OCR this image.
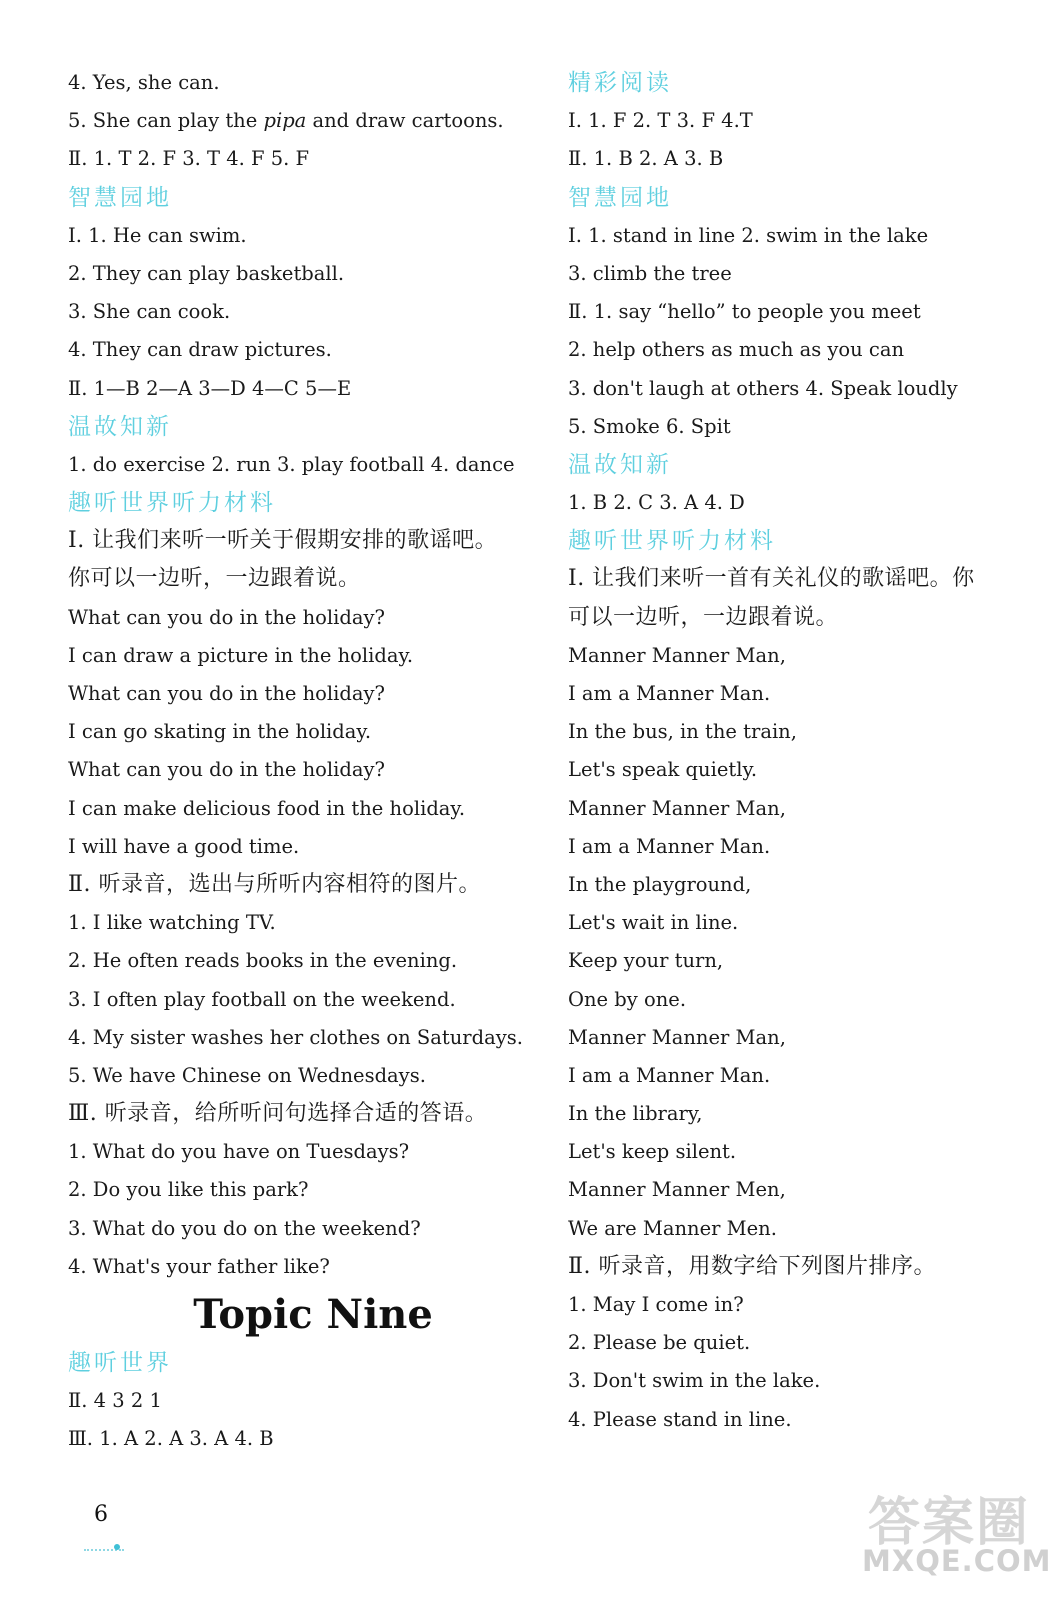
4. Yes, she can.
5. She can play the pipa and draw cartoons.
Ⅱ. 1. T 2. F 3. T 4. F 5. F
智慧园地
Ⅰ. 1. He can swim.
2. They can play basketball.
3. She can cook.
4. They can draw pictures.
Ⅱ. 1—B 2—A 3—D 4—C 5—E
温故知新
1. do exercise 2. run 3. play football 4. dance
趣听世界听力材料
Ⅰ. 让我们来听一听关于假期安排的歌谣吧。
你可以一边听，一边跟着说。
What can you do in the holiday?
I can draw a picture in the holiday.
What can you do in the holiday?
I can go skating in the holiday.
What can you do in the holiday?
I can make delicious food in the holiday.
I will have a good time.
Ⅱ. 听录音，选出与所听内容相符的图片。
1. I like watching TV.
2. He often reads books in the evening.
3. I often play football on the weekend.
4. My sister washes her clothes on Saturdays.
5. We have Chinese on Wednesdays.
Ⅲ. 听录音，给所听问句选择合适的答语。
1. What do you have on Tuesdays?
2. Do you like this park?
3. What do you do on the weekend?
4. What's your father like?
Topic Nine
趣听世界
Ⅱ. 4 3 2 1
Ⅲ. 1. A 2. A 3. A 4. B
精彩阅读
Ⅰ. 1. F 2. T 3. F 4.T
Ⅱ. 1. B 2. A 3. B
智慧园地
Ⅰ. 1. stand in line 2. swim in the lake
3. climb the tree
Ⅱ. 1. say “hello” to people you meet
2. help others as much as you can
3. don't laugh at others 4. Speak loudly
5. Smoke 6. Spit
温故知新
1. B 2. C 3. A 4. D
趣听世界听力材料
Ⅰ. 让我们来听一首有关礼仪的歌谣吧。你
可以一边听，一边跟着说。
Manner Manner Man,
I am a Manner Man.
In the bus, in the train,
Let's speak quietly.
Manner Manner Man,
I am a Manner Man.
In the playground,
Let's wait in line.
Keep your turn,
One by one.
Manner Manner Man,
I am a Manner Man.
In the library,
Let's keep silent.
Manner Manner Men,
We are Manner Men.
Ⅱ. 听录音，用数字给下列图片排序。
1. May I come in?
2. Please be quiet.
3. Don't swim in the lake.
4. Please stand in line.
6	答案圈
MXQE.COM
